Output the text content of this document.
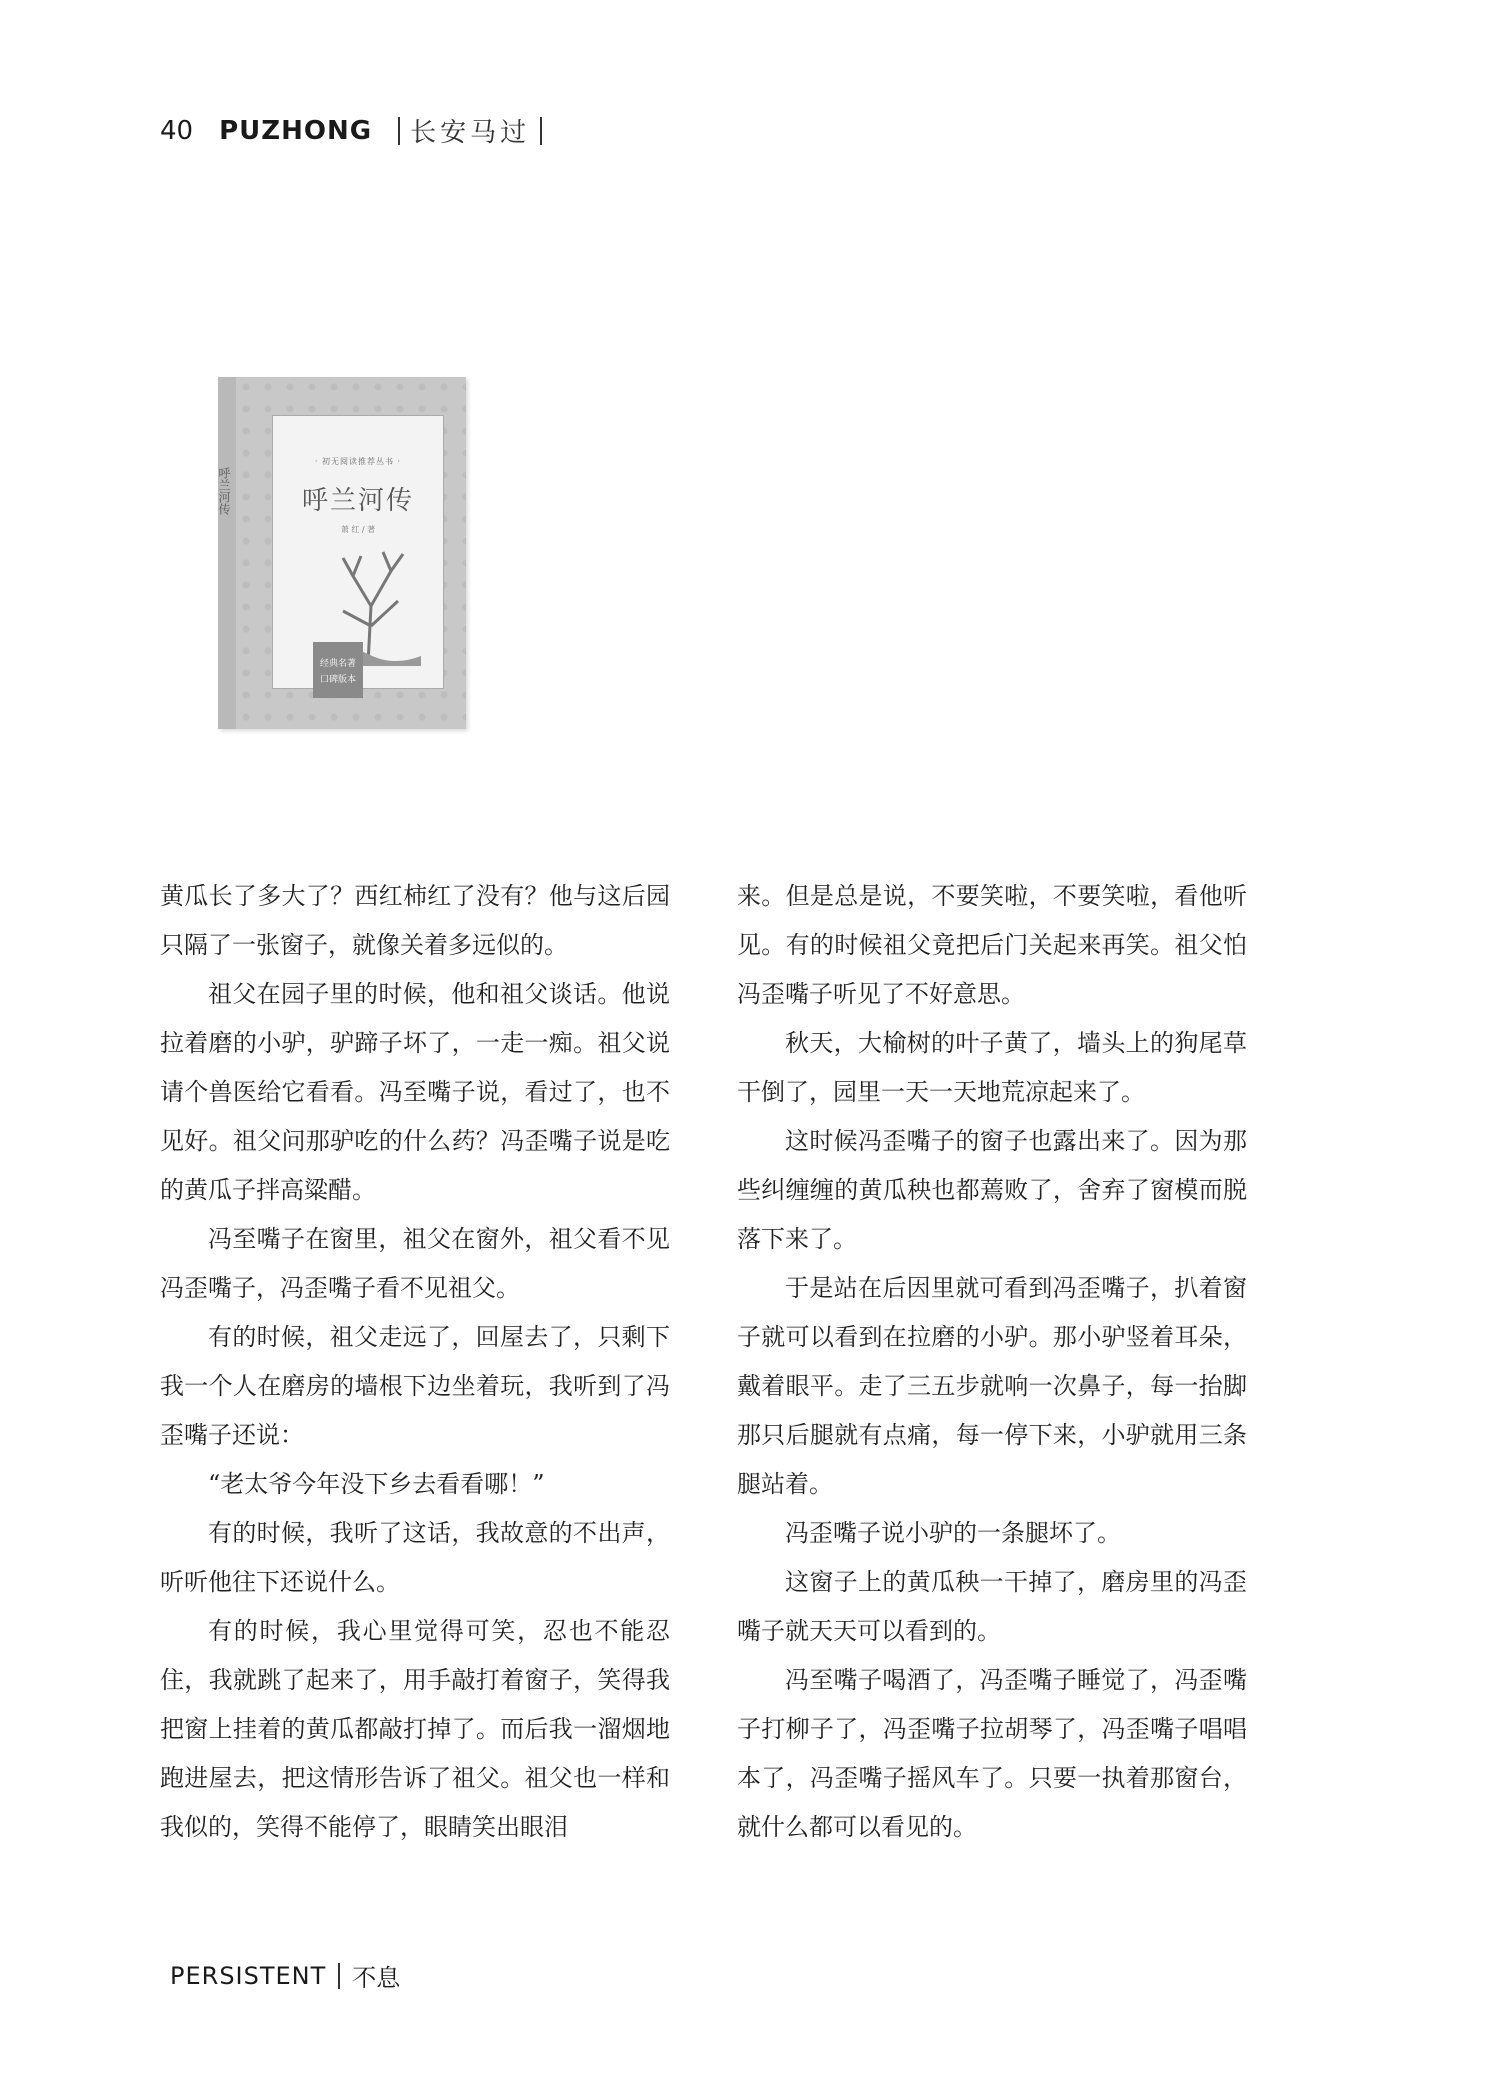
40 PUZHONG 长安马过
呼兰河传
· 初无阅读推荐丛书 ·
呼兰河传
萧 红 / 著
经典名著
口碑版本

黄瓜长了多大了？西红柿红了没有？他与这后园只隔了一张窗子，就像关着多远似的。

祖父在园子里的时候，他和祖父谈话。他说拉着磨的小驴，驴蹄子坏了，一走一痴。祖父说请个兽医给它看看。冯至嘴子说，看过了，也不见好。祖父问那驴吃的什么药？冯歪嘴子说是吃的黄瓜子拌高粱醋。

冯至嘴子在窗里，祖父在窗外，祖父看不见冯歪嘴子，冯歪嘴子看不见祖父。

有的时候，祖父走远了，回屋去了，只剩下我一个人在磨房的墙根下边坐着玩，我听到了冯歪嘴子还说：

“老太爷今年没下乡去看看哪！”

有的时候，我听了这话，我故意的不出声，听听他往下还说什么。

有的时候，我心里觉得可笑，忍也不能忍住，我就跳了起来了，用手敲打着窗子，笑得我把窗上挂着的黄瓜都敲打掉了。而后我一溜烟地跑进屋去，把这情形告诉了祖父。祖父也一样和我似的，笑得不能停了，眼睛笑出眼泪

来。但是总是说，不要笑啦，不要笑啦，看他听见。有的时候祖父竟把后门关起来再笑。祖父怕冯歪嘴子听见了不好意思。

秋天，大榆树的叶子黄了，墙头上的狗尾草干倒了，园里一天一天地荒凉起来了。

这时候冯歪嘴子的窗子也露出来了。因为那些纠缠缠的黄瓜秧也都蔫败了，舍弃了窗模而脱落下来了。

于是站在后因里就可看到冯歪嘴子，扒着窗子就可以看到在拉磨的小驴。那小驴竖着耳朵，戴着眼平。走了三五步就响一次鼻子，每一抬脚那只后腿就有点痛，每一停下来，小驴就用三条腿站着。

冯歪嘴子说小驴的一条腿坏了。

这窗子上的黄瓜秧一干掉了，磨房里的冯歪嘴子就天天可以看到的。

冯至嘴子喝酒了，冯歪嘴子睡觉了，冯歪嘴子打柳子了，冯歪嘴子拉胡琴了，冯歪嘴子唱唱本了，冯歪嘴子摇风车了。只要一执着那窗台，就什么都可以看见的。

PERSISTENT 不息
